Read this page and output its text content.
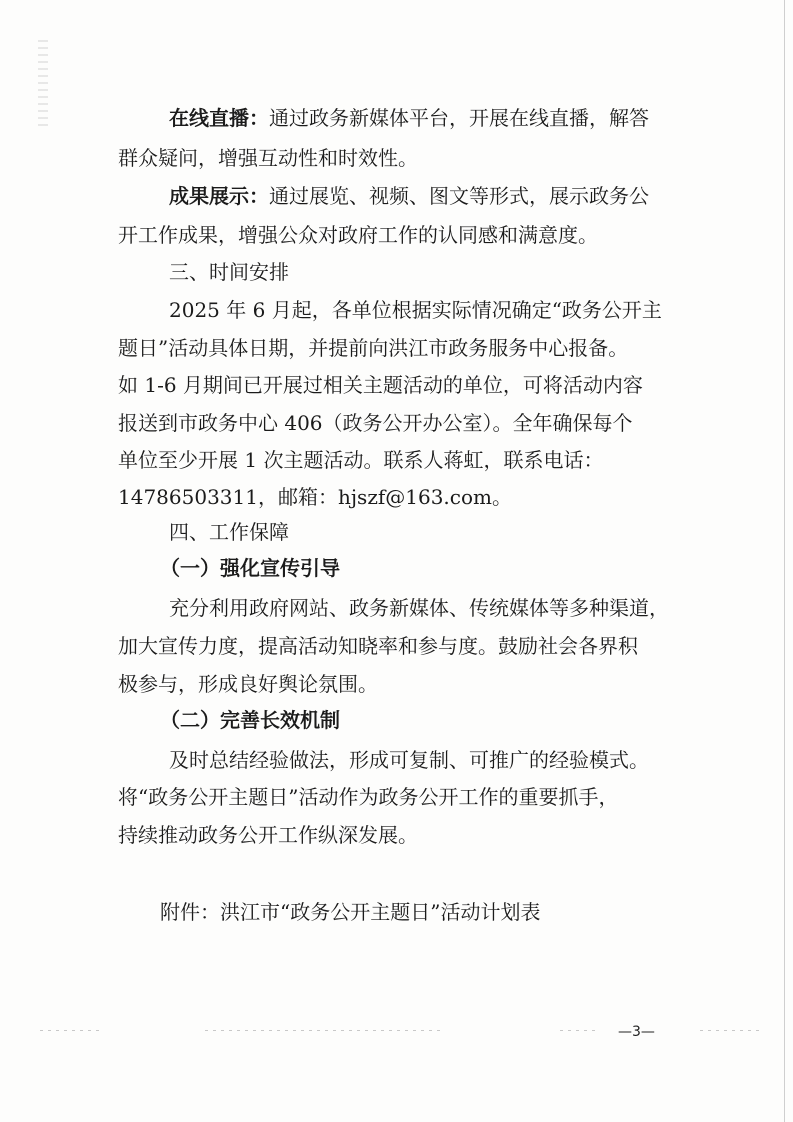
在线直播：通过政务新媒体平台，开展在线直播，解答
群众疑问，增强互动性和时效性。
成果展示：通过展览、视频、图文等形式，展示政务公
开工作成果，增强公众对政府工作的认同感和满意度。
三、时间安排
2025 年 6 月起，各单位根据实际情况确定“政务公开主
题日”活动具体日期，并提前向洪江市政务服务中心报备。
如 1-6 月期间已开展过相关主题活动的单位，可将活动内容
报送到市政务中心 406（政务公开办公室）。全年确保每个
单位至少开展 1 次主题活动。联系人蒋虹，联系电话：
14786503311，邮箱：hjszf@163.com。
四、工作保障
（一）强化宣传引导
充分利用政府网站、政务新媒体、传统媒体等多种渠道，
加大宣传力度，提高活动知晓率和参与度。鼓励社会各界积
极参与，形成良好舆论氛围。
（二）完善长效机制
及时总结经验做法，形成可复制、可推广的经验模式。
将“政务公开主题日”活动作为政务公开工作的重要抓手，
持续推动政务公开工作纵深发展。
附件：洪江市“政务公开主题日”活动计划表
—3—
